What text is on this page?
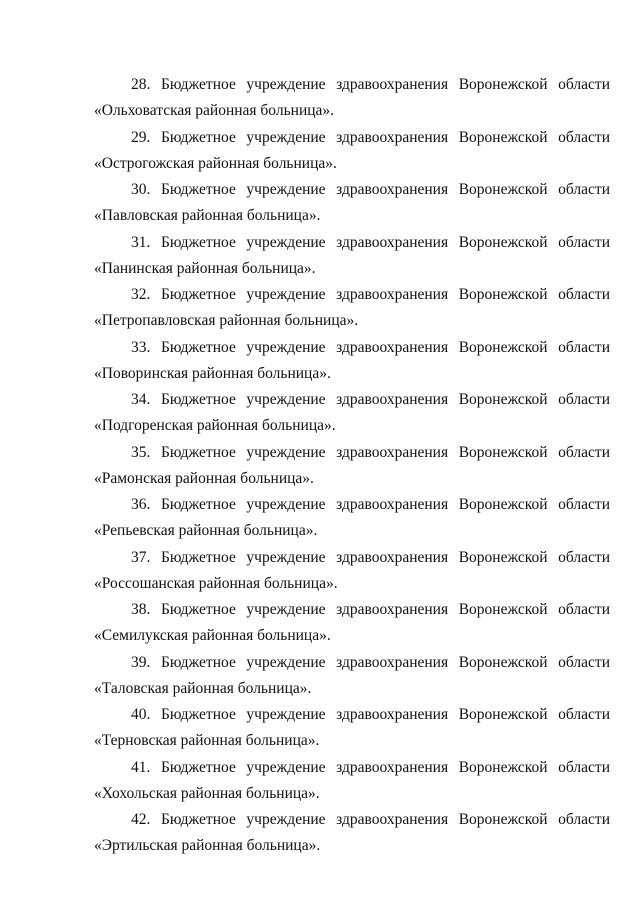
28. Бюджетное учреждение здравоохранения Воронежской области
«Ольховатская районная больница».
29. Бюджетное учреждение здравоохранения Воронежской области
«Острогожская районная больница».
30. Бюджетное учреждение здравоохранения Воронежской области
«Павловская районная больница».
31. Бюджетное учреждение здравоохранения Воронежской области
«Панинская районная больница».
32. Бюджетное учреждение здравоохранения Воронежской области
«Петропавловская районная больница».
33. Бюджетное учреждение здравоохранения Воронежской области
«Поворинская районная больница».
34. Бюджетное учреждение здравоохранения Воронежской области
«Подгоренская районная больница».
35. Бюджетное учреждение здравоохранения Воронежской области
«Рамонская районная больница».
36. Бюджетное учреждение здравоохранения Воронежской области
«Репьевская районная больница».
37. Бюджетное учреждение здравоохранения Воронежской области
«Россошанская районная больница».
38. Бюджетное учреждение здравоохранения Воронежской области
«Семилукская районная больница».
39. Бюджетное учреждение здравоохранения Воронежской области
«Таловская районная больница».
40. Бюджетное учреждение здравоохранения Воронежской области
«Терновская районная больница».
41. Бюджетное учреждение здравоохранения Воронежской области
«Хохольская районная больница».
42. Бюджетное учреждение здравоохранения Воронежской области
«Эртильская районная больница».
